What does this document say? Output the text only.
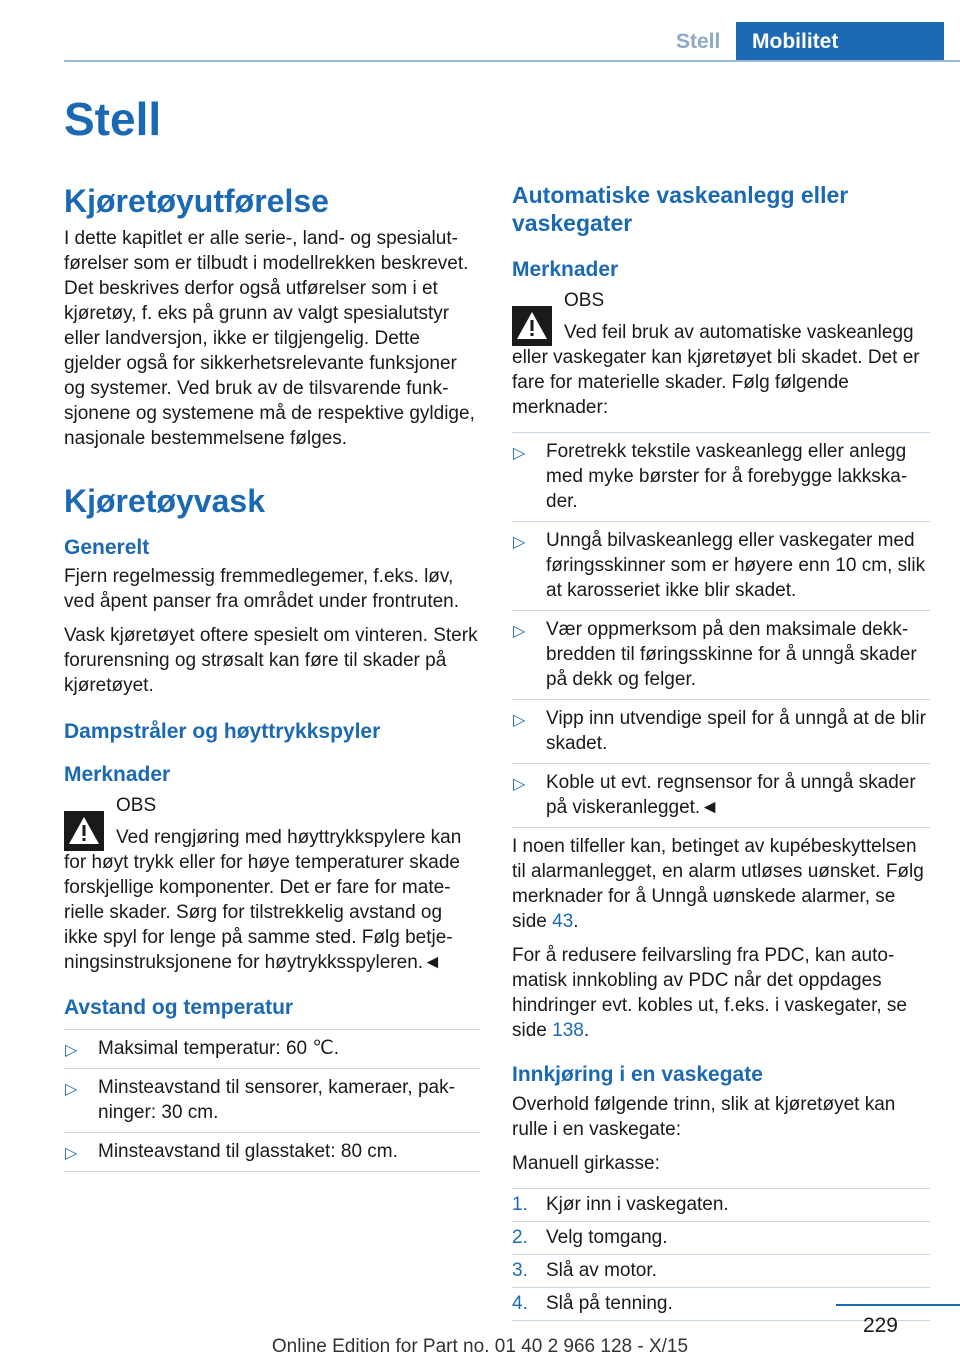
Stell	Mobilitet
Stell
Kjøretøyutførelse

I dette kapitlet er alle serie-, land- og spesialutførelser som er tilbudt i modellrekken beskrevet. Det beskrives derfor også utførelser som i et kjøretøy, f. eks på grunn av valgt spesialutstyr eller landversjon, ikke er tilgjengelig. Dette gjelder også for sikkerhetsrelevante funksjoner og systemer. Ved bruk av de tilsvarende funksjonene og systemene må de respektive gyldige, nasjonale bestemmelsene følges.

Kjøretøyvask
Generelt

Fjern regelmessig fremmedlegemer, f.eks. løv, ved åpent panser fra området under frontruten.

Vask kjøretøyet oftere spesielt om vinteren. Sterk forurensning og strøsalt kan føre til skader på kjøretøyet.

Dampstråler og høyttrykkspyler
Merknader
OBS
Ved rengjøring med høyttrykkspylere kan
for høyt trykk eller for høye temperaturer skade forskjellige komponenter. Det er fare for materielle skader. Sørg for tilstrekkelig avstand og ikke spyl for lenge på samme sted. Følg betjeningsinstruksjonene for høytrykksspyleren.◄
Avstand og temperatur
▷ Maksimal temperatur: 60 ℃.
▷ Minsteavstand til sensorer, kameraer, pakninger: 30 cm.
▷ Minsteavstand til glasstaket: 80 cm.
Automatiske vaskeanlegg eller vaskegater
Merknader
OBS
Ved feil bruk av automatiske vaskeanlegg
eller vaskegater kan kjøretøyet bli skadet. Det er fare for materielle skader. Følg følgende merknader:
▷ Foretrekk tekstile vaskeanlegg eller anlegg med myke børster for å forebygge lakkskader.
▷ Unngå bilvaskeanlegg eller vaskegater med føringsskinner som er høyere enn 10 cm, slik at karosseriet ikke blir skadet.
▷ Vær oppmerksom på den maksimale dekkbredden til føringsskinne for å unngå skader på dekk og felger.
▷ Vipp inn utvendige speil for å unngå at de blir skadet.
▷ Koble ut evt. regnsensor for å unngå skader på viskeranlegget.◄

I noen tilfeller kan, betinget av kupébeskyttelsen til alarmanlegget, en alarm utløses uønsket. Følg merknader for å Unngå uønskede alarmer, se side 43.

For å redusere feilvarsling fra PDC, kan automatisk innkobling av PDC når det oppdages hindringer evt. kobles ut, f.eks. i vaskegater, se side 138.

Innkjøring i en vaskegate

Overhold følgende trinn, slik at kjøretøyet kan rulle i en vaskegate:

Manuell girkasse:

1. Kjør inn i vaskegaten.
2. Velg tomgang.
3. Slå av motor.
4. Slå på tenning.
229
Online Edition for Part no. 01 40 2 966 128 - X/15
